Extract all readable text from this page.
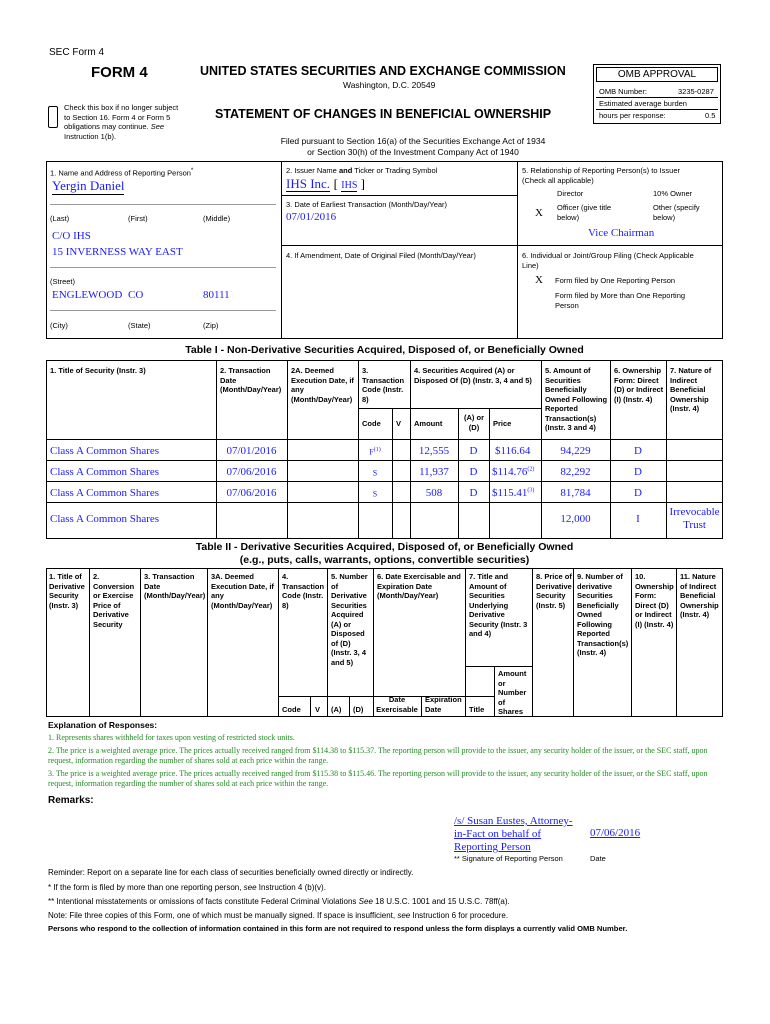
SEC Form 4
FORM 4	UNITED STATES SECURITIES AND EXCHANGE COMMISSION
Washington, D.C. 20549
STATEMENT OF CHANGES IN BENEFICIAL OWNERSHIP
Check this box if no longer subject
to Section 16. Form 4 or Form 5
obligations may continue. See
Instruction 1(b).	Filed pursuant to Section 16(a) of the Securities Exchange Act of 1934
or Section 30(h) of the Investment Company Act of 1940
OMB APPROVAL
OMB Number:	3235-0287
Estimated average burden
hours per response:	0.5
1. Name and Address of Reporting Person*
Yergin Daniel
(Last)	(First)	(Middle)
C/O IHS
15 INVERNESS WAY EAST
(Street)
ENGLEWOOD CO	80111
(City)	(State)	(Zip)
2. Issuer Name and Ticker or Trading Symbol
IHS Inc. [ IHS ]
3. Date of Earliest Transaction (Month/Day/Year)
07/01/2016
4. If Amendment, Date of Original Filed (Month/Day/Year)
5. Relationship of Reporting Person(s) to Issuer
(Check all applicable)
Director	10% Owner
X Officer (give title
below)
Other (specify
below)
Vice Chairman
6. Individual or Joint/Group Filing (Check Applicable
Line)
X Form filed by One Reporting Person
Form filed by More than One Reporting
Person
Table I - Non-Derivative Securities Acquired, Disposed of, or Beneficially Owned
1. Title of Security (Instr. 3)	2. Transaction Date (Month/Day/Year)
2A. Deemed Execution Date, if any (Month/Day/Year)
3. Transaction Code (Instr. 8)
4. Securities Acquired (A) or Disposed Of (D) (Instr. 3, 4 and 5)
5. Amount of Securities Beneficially Owned Following Reported Transaction(s) (Instr. 3 and 4)
6. Ownership Form: Direct (D) or Indirect (I) (Instr. 4)
7. Nature of Indirect Beneficial Ownership (Instr. 4)
Code V Amount
(A) or (D)	Price
Class A Common Shares	07/01/2016	$F^{(1)}$	12,555	D	$116.64	94,229	D
Class A Common Shares	07/06/2016	S	11,937	D	$114.76$^{(2)}$	82,292	D
Class A Common Shares	07/06/2016	S	508	D	$115.41$^{(3)}$	81,784	D
Class A Common Shares	12,000	I
Irrevocable Trust
Table II - Derivative Securities Acquired, Disposed of, or Beneficially Owned
(e.g., puts, calls, warrants, options, convertible securities)
1. Title of Derivative Security (Instr. 3)
2. Conversion or Exercise Price of Derivative Security
3. Transaction Date (Month/Day/Year)
3A. Deemed Execution Date, if any (Month/Day/Year)
4. Transaction Code (Instr. 8)
5. Number of Derivative Securities Acquired (A) or Disposed of (D) (Instr. 3, 4 and 5)
6. Date Exercisable and Expiration Date (Month/Day/Year)
7. Title and Amount of Securities Underlying Derivative Security (Instr. 3 and 4)
8. Price of Derivative Security (Instr. 5)
9. Number of derivative Securities Beneficially Owned Following Reported Transaction(s) (Instr. 4)
10. Ownership Form: Direct (D) or Indirect (I) (Instr. 4)
11. Nature of Indirect Beneficial Ownership (Instr. 4)
Code V (A) (D)
Date Exercisable
Expiration Date	Title
Amount or Number of Shares
Explanation of Responses:
1. Represents shares withheld for taxes upon vesting of restricted stock units.
2. The price is a weighted average price. The prices actually received ranged from $114.38 to $115.37. The reporting person will provide to the issuer, any security holder of the issuer, or the SEC staff, upon request, information regarding the number of shares sold at each price within the range.
3. The price is a weighted average price. The prices actually received ranged from $115.38 to $115.46. The reporting person will provide to the issuer, any security holder of the issuer, or the SEC staff, upon request, information regarding the number of shares sold at each price within the range.
Remarks:
/s/ Susan Eustes, Attorney-in-Fact on behalf of Reporting Person
07/06/2016
** Signature of Reporting Person	Date
Reminder: Report on a separate line for each class of securities beneficially owned directly or indirectly.
* If the form is filed by more than one reporting person, see Instruction 4 (b)(v).
** Intentional misstatements or omissions of facts constitute Federal Criminal Violations See 18 U.S.C. 1001 and 15 U.S.C. 78ff(a).
Note: File three copies of this Form, one of which must be manually signed. If space is insufficient, see Instruction 6 for procedure.
Persons who respond to the collection of information contained in this form are not required to respond unless the form displays a currently valid OMB Number.
